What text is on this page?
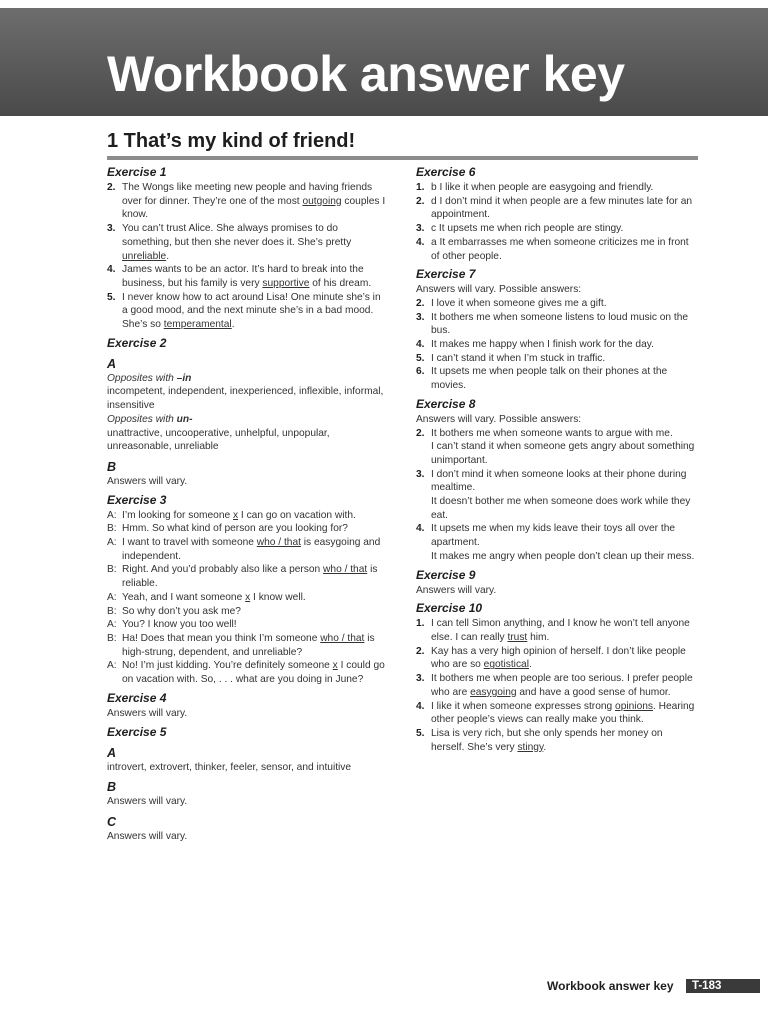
Workbook answer key
1 That’s my kind of friend!
Exercise 1
2. The Wongs like meeting new people and having friends over for dinner. They’re one of the most outgoing couples I know.
3. You can’t trust Alice. She always promises to do something, but then she never does it. She’s pretty unreliable.
4. James wants to be an actor. It’s hard to break into the business, but his family is very supportive of his dream.
5. I never know how to act around Lisa! One minute she’s in a good mood, and the next minute she’s in a bad mood. She’s so temperamental.
Exercise 2
A
Opposites with –in
incompetent, independent, inexperienced, inflexible, informal, insensitive
Opposites with un-
unattractive, uncooperative, unhelpful, unpopular, unreasonable, unreliable
B
Answers will vary.
Exercise 3
A: I’m looking for someone x I can go on vacation with.
B: Hmm. So what kind of person are you looking for?
A: I want to travel with someone who / that is easygoing and independent.
B: Right. And you’d probably also like a person who / that is reliable.
A: Yeah, and I want someone x I know well.
B: So why don’t you ask me?
A: You? I know you too well!
B: Ha! Does that mean you think I’m someone who / that is high-strung, dependent, and unreliable?
A: No! I’m just kidding. You’re definitely someone x I could go on vacation with. So, . . . what are you doing in June?
Exercise 4
Answers will vary.
Exercise 5
A
introvert, extrovert, thinker, feeler, sensor, and intuitive
B
Answers will vary.
C
Answers will vary.
Exercise 6
1. b I like it when people are easygoing and friendly.
2. d I don’t mind it when people are a few minutes late for an appointment.
3. c It upsets me when rich people are stingy.
4. a It embarrasses me when someone criticizes me in front of other people.
Exercise 7
Answers will vary. Possible answers:
2. I love it when someone gives me a gift.
3. It bothers me when someone listens to loud music on the bus.
4. It makes me happy when I finish work for the day.
5. I can’t stand it when I’m stuck in traffic.
6. It upsets me when people talk on their phones at the movies.
Exercise 8
Answers will vary. Possible answers:
2. It bothers me when someone wants to argue with me.
I can’t stand it when someone gets angry about something unimportant.
3. I don’t mind it when someone looks at their phone during mealtime.
It doesn’t bother me when someone does work while they eat.
4. It upsets me when my kids leave their toys all over the apartment.
It makes me angry when people don’t clean up their mess.
Exercise 9
Answers will vary.
Exercise 10
1. I can tell Simon anything, and I know he won’t tell anyone else. I can really trust him.
2. Kay has a very high opinion of herself. I don’t like people who are so egotistical.
3. It bothers me when people are too serious. I prefer people who are easygoing and have a good sense of humor.
4. I like it when someone expresses strong opinions. Hearing other people’s views can really make you think.
5. Lisa is very rich, but she only spends her money on herself. She’s very stingy.
Workbook answer key T-183
